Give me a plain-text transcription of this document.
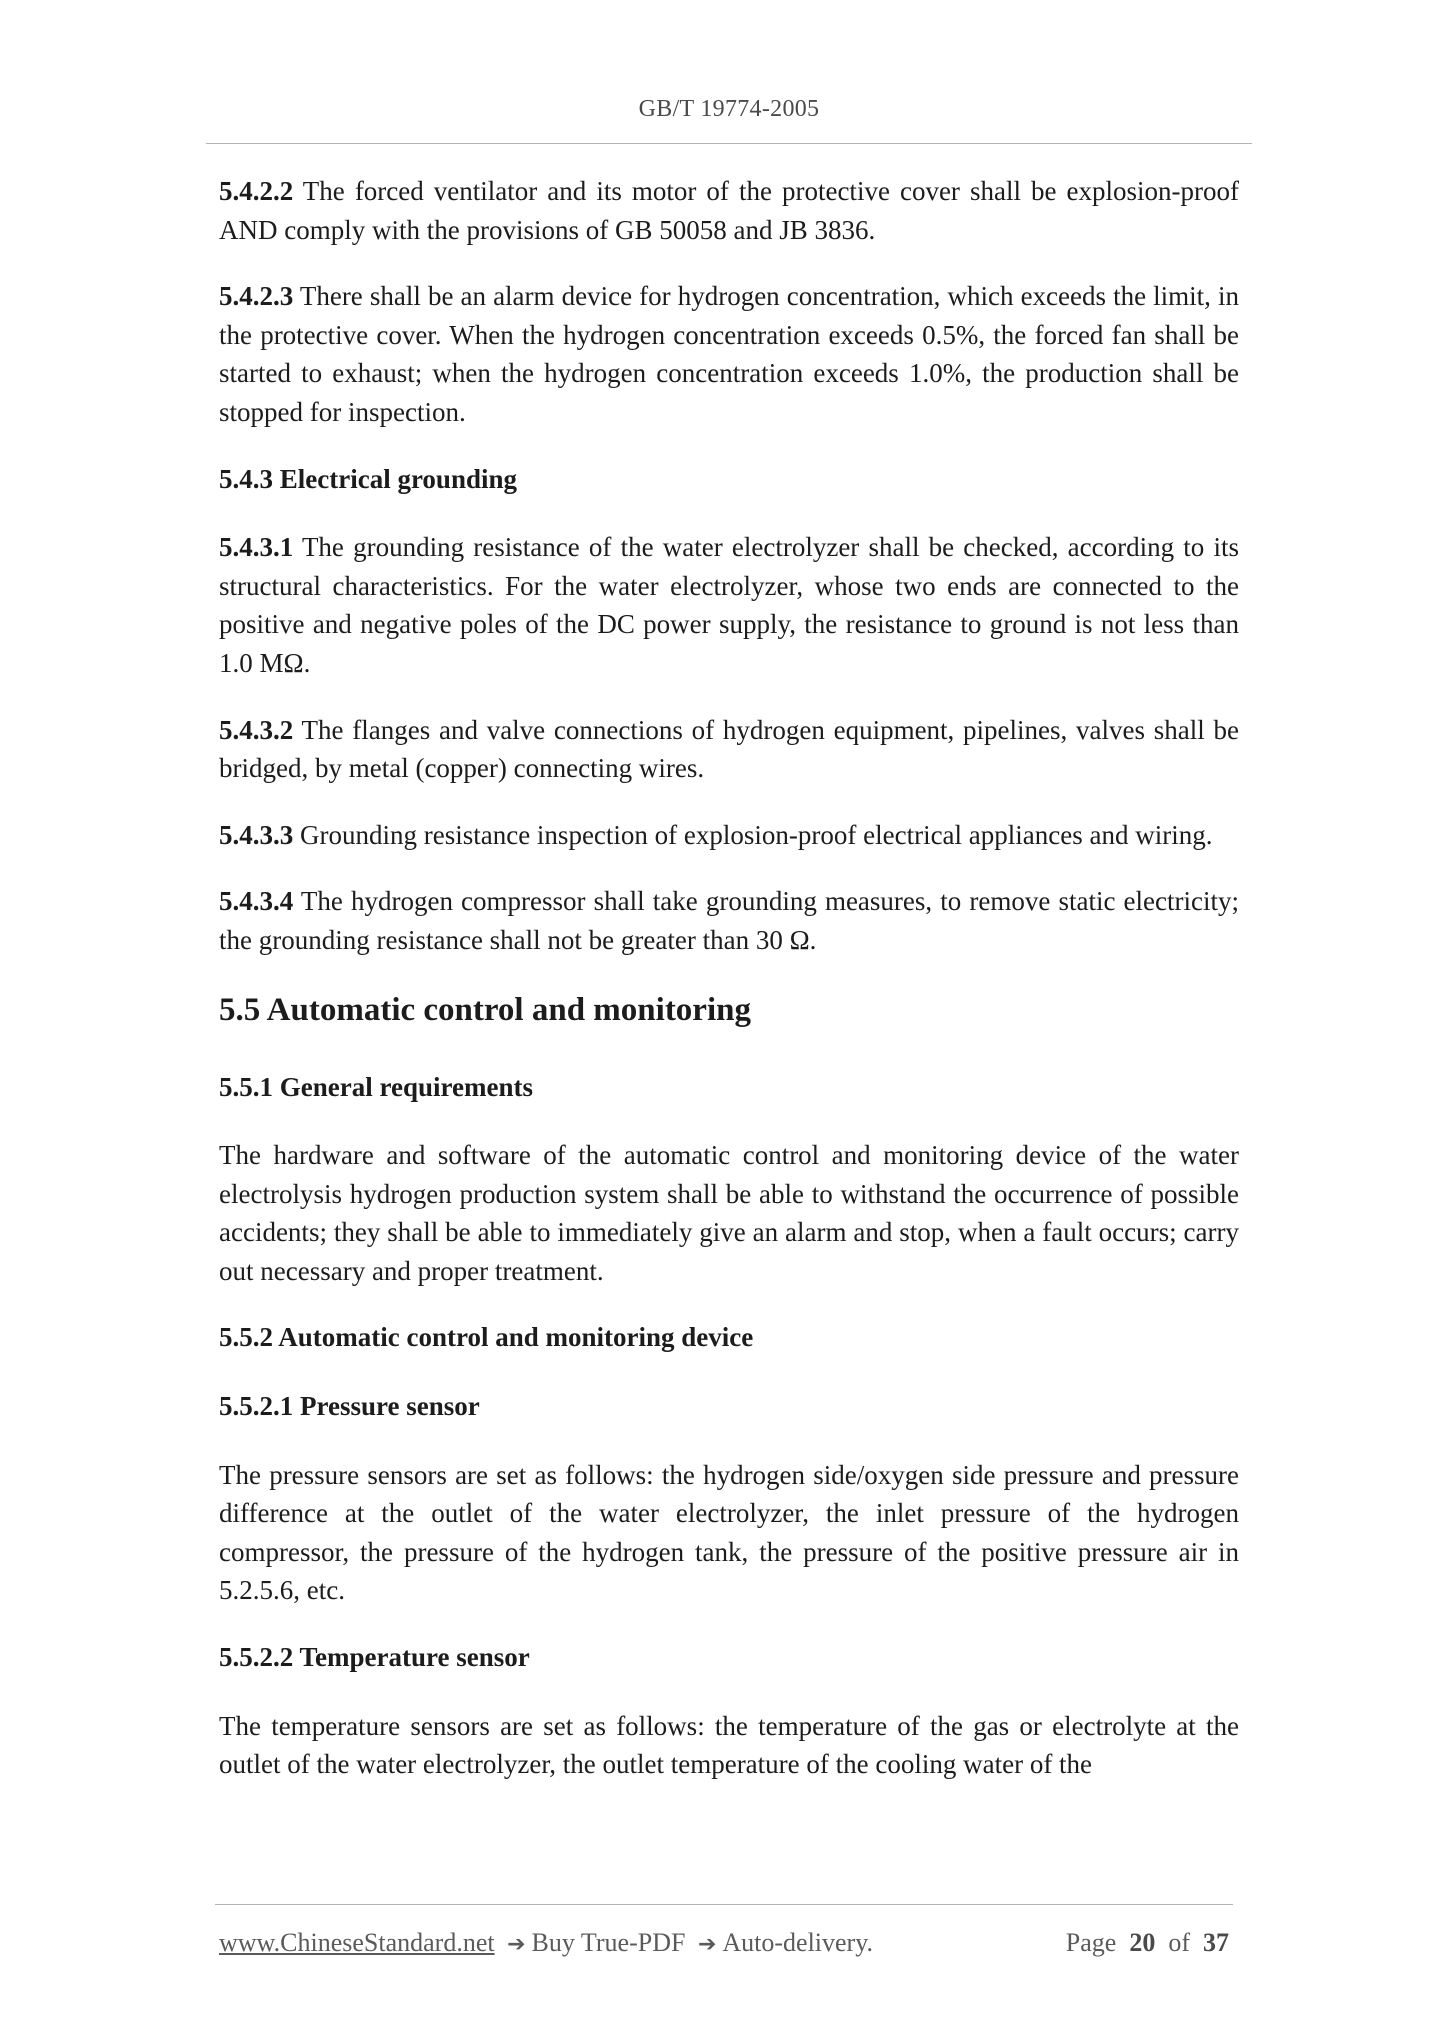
GB/T 19774-2005

5.4.2.2 The forced ventilator and its motor of the protective cover shall be explosion-proof AND comply with the provisions of GB 50058 and JB 3836.

5.4.2.3 There shall be an alarm device for hydrogen concentration, which exceeds the limit, in the protective cover. When the hydrogen concentration exceeds 0.5%, the forced fan shall be started to exhaust; when the hydrogen concentration exceeds 1.0%, the production shall be stopped for inspection.

5.4.3 Electrical grounding

5.4.3.1 The grounding resistance of the water electrolyzer shall be checked, according to its structural characteristics. For the water electrolyzer, whose two ends are connected to the positive and negative poles of the DC power supply, the resistance to ground is not less than 1.0 MΩ.

5.4.3.2 The flanges and valve connections of hydrogen equipment, pipelines, valves shall be bridged, by metal (copper) connecting wires.

5.4.3.3 Grounding resistance inspection of explosion-proof electrical appliances and wiring.

5.4.3.4 The hydrogen compressor shall take grounding measures, to remove static electricity; the grounding resistance shall not be greater than 30 Ω.

5.5 Automatic control and monitoring
5.5.1 General requirements

The hardware and software of the automatic control and monitoring device of the water electrolysis hydrogen production system shall be able to withstand the occurrence of possible accidents; they shall be able to immediately give an alarm and stop, when a fault occurs; carry out necessary and proper treatment.

5.5.2 Automatic control and monitoring device
5.5.2.1 Pressure sensor

The pressure sensors are set as follows: the hydrogen side/oxygen side pressure and pressure difference at the outlet of the water electrolyzer, the inlet pressure of the hydrogen compressor, the pressure of the hydrogen tank, the pressure of the positive pressure air in 5.2.5.6, etc.

5.5.2.2 Temperature sensor

The temperature sensors are set as follows: the temperature of the gas or electrolyte at the outlet of the water electrolyzer, the outlet temperature of the cooling water of the

www.ChineseStandard.net ➔ Buy True-PDF ➔ Auto-delivery.	Page 20 of 37
